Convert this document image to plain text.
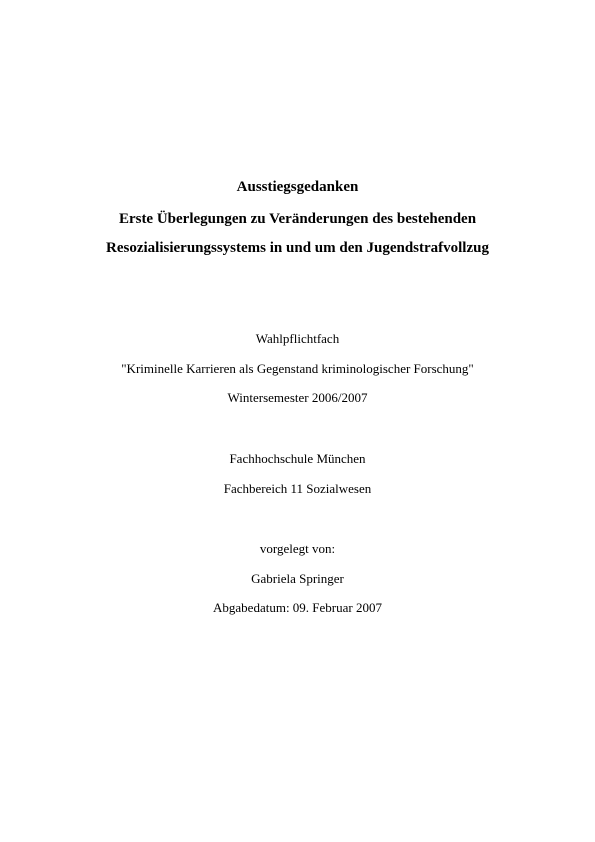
Ausstiegsgedanken
Erste Überlegungen zu Veränderungen des bestehenden
Resozialisierungssystems in und um den Jugendstrafvollzug
Wahlpflichtfach
"Kriminelle Karrieren als Gegenstand kriminologischer Forschung"
Wintersemester 2006/2007
Fachhochschule München
Fachbereich 11 Sozialwesen
vorgelegt von:
Gabriela Springer
Abgabedatum: 09. Februar 2007
